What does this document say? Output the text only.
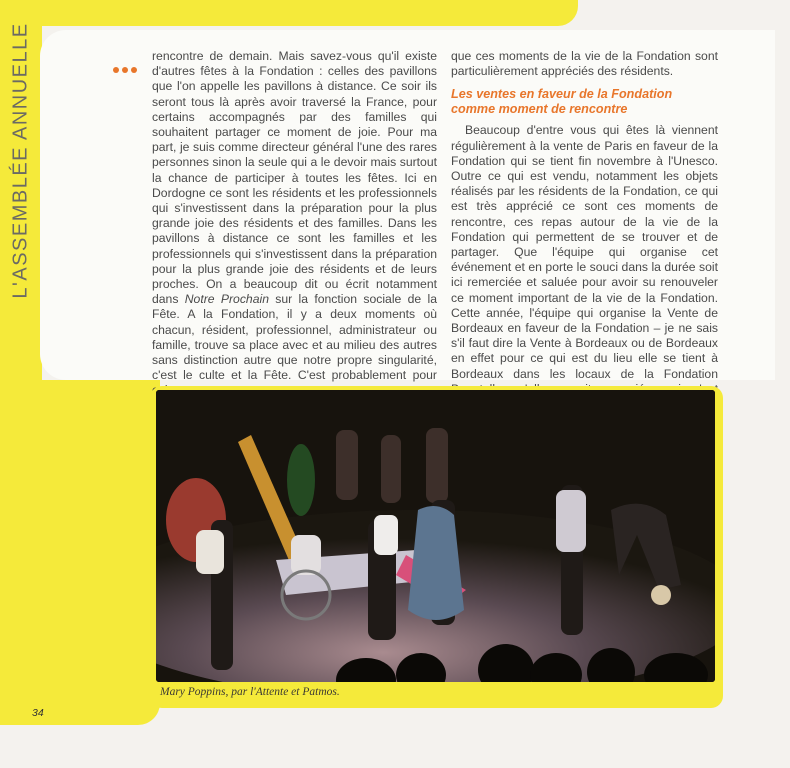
L'ASSEMBLÉE ANNUELLE	rencontre de demain. Mais savez-vous qu'il existe d'autres fêtes à la Fondation : celles des pavillons que l'on appelle les pavillons à distance. Ce soir ils seront tous là après avoir traversé la France, pour certains accompagnés par des familles qui souhaitent partager ce moment de joie. Pour ma part, je suis comme directeur général l'une des rares personnes sinon la seule qui a le devoir mais surtout la chance de participer à toutes les fêtes. Ici en Dordogne ce sont les résidents et les professionnels qui s'investissent dans la préparation pour la plus grande joie des résidents et des familles. Dans les pavillons à distance ce sont les familles et les professionnels qui s'investissent dans la préparation pour la plus grande joie des résidents et de leurs proches. On a beaucoup dit ou écrit notamment dans Notre Prochain sur la fonction sociale de la Fête. A la Fondation, il y a deux moments où chacun, résident, professionnel, administrateur ou famille, trouve sa place avec et au milieu des autres sans distinction autre que notre propre singularité, c'est le culte et la Fête. C'est probablement pour

que ces moments de la vie de la Fondation sont particulièrement appréciés des résidents.

Les ventes en faveur de la Fondation
comme moment de rencontre

Beaucoup d'entre vous qui êtes là viennent régulièrement à la vente de Paris en faveur de la Fondation qui se tient fin novembre à l'Unesco. Outre ce qui est vendu, notamment les objets réalisés par les résidents de la Fondation, ce qui est très apprécié ce sont ces moments de rencontre, ces repas autour de la vie de la Fondation qui permettent de se trouver et de partager. Que l'équipe qui organise cet événement et en porte le souci dans la durée soit ici remerciée et saluée pour avoir su renouveler ce moment important de la vie de la Fondation. Cette année, l'équipe qui organise la Vente de Bordeaux en faveur de la Fondation – je ne sais s'il faut dire la Vente à Bordeaux ou de Bordeaux en effet pour ce qui est du lieu elle se tient à Bordeaux dans les locaux de la Fondation

Mary Poppins, par l'Attente et Patmos.
34
